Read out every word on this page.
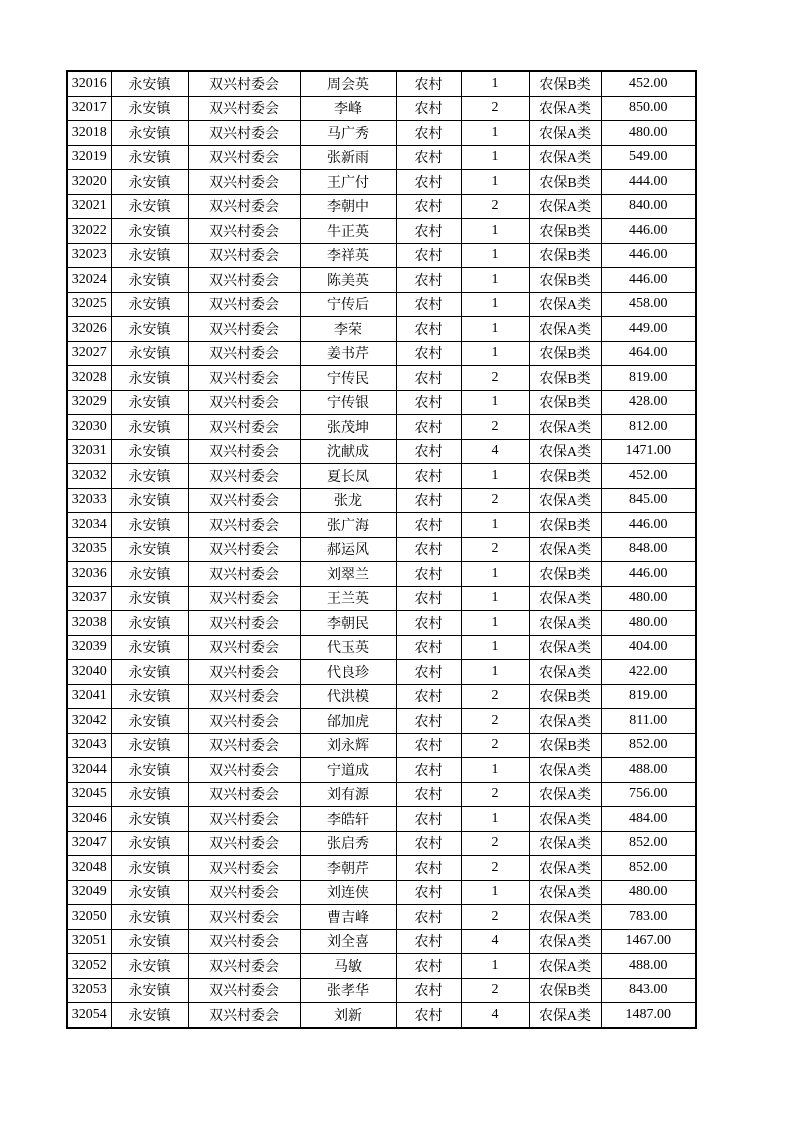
32016	永安镇	双兴村委会	周会英	农村	1	农保B类	452.00
32017	永安镇	双兴村委会	李峰	农村	2	农保A类	850.00
32018	永安镇	双兴村委会	马广秀	农村	1	农保A类	480.00
32019	永安镇	双兴村委会	张新雨	农村	1	农保A类	549.00
32020	永安镇	双兴村委会	王广付	农村	1	农保B类	444.00
32021	永安镇	双兴村委会	李朝中	农村	2	农保A类	840.00
32022	永安镇	双兴村委会	牛正英	农村	1	农保B类	446.00
32023	永安镇	双兴村委会	李祥英	农村	1	农保B类	446.00
32024	永安镇	双兴村委会	陈美英	农村	1	农保B类	446.00
32025	永安镇	双兴村委会	宁传后	农村	1	农保A类	458.00
32026	永安镇	双兴村委会	李荣	农村	1	农保A类	449.00
32027	永安镇	双兴村委会	姜书芹	农村	1	农保B类	464.00
32028	永安镇	双兴村委会	宁传民	农村	2	农保B类	819.00
32029	永安镇	双兴村委会	宁传银	农村	1	农保B类	428.00
32030	永安镇	双兴村委会	张茂坤	农村	2	农保A类	812.00
32031	永安镇	双兴村委会	沈献成	农村	4	农保A类	1471.00
32032	永安镇	双兴村委会	夏长凤	农村	1	农保B类	452.00
32033	永安镇	双兴村委会	张龙	农村	2	农保A类	845.00
32034	永安镇	双兴村委会	张广海	农村	1	农保B类	446.00
32035	永安镇	双兴村委会	郝运风	农村	2	农保A类	848.00
32036	永安镇	双兴村委会	刘翠兰	农村	1	农保B类	446.00
32037	永安镇	双兴村委会	王兰英	农村	1	农保A类	480.00
32038	永安镇	双兴村委会	李朝民	农村	1	农保A类	480.00
32039	永安镇	双兴村委会	代玉英	农村	1	农保A类	404.00
32040	永安镇	双兴村委会	代良珍	农村	1	农保A类	422.00
32041	永安镇	双兴村委会	代洪模	农村	2	农保B类	819.00
32042	永安镇	双兴村委会	邰加虎	农村	2	农保A类	811.00
32043	永安镇	双兴村委会	刘永辉	农村	2	农保B类	852.00
32044	永安镇	双兴村委会	宁道成	农村	1	农保A类	488.00
32045	永安镇	双兴村委会	刘有源	农村	2	农保A类	756.00
32046	永安镇	双兴村委会	李皓轩	农村	1	农保A类	484.00
32047	永安镇	双兴村委会	张启秀	农村	2	农保A类	852.00
32048	永安镇	双兴村委会	李朝芹	农村	2	农保A类	852.00
32049	永安镇	双兴村委会	刘连侠	农村	1	农保A类	480.00
32050	永安镇	双兴村委会	曹吉峰	农村	2	农保A类	783.00
32051	永安镇	双兴村委会	刘全喜	农村	4	农保A类	1467.00
32052	永安镇	双兴村委会	马敏	农村	1	农保A类	488.00
32053	永安镇	双兴村委会	张孝华	农村	2	农保B类	843.00
32054	永安镇	双兴村委会	刘新	农村	4	农保A类	1487.00
